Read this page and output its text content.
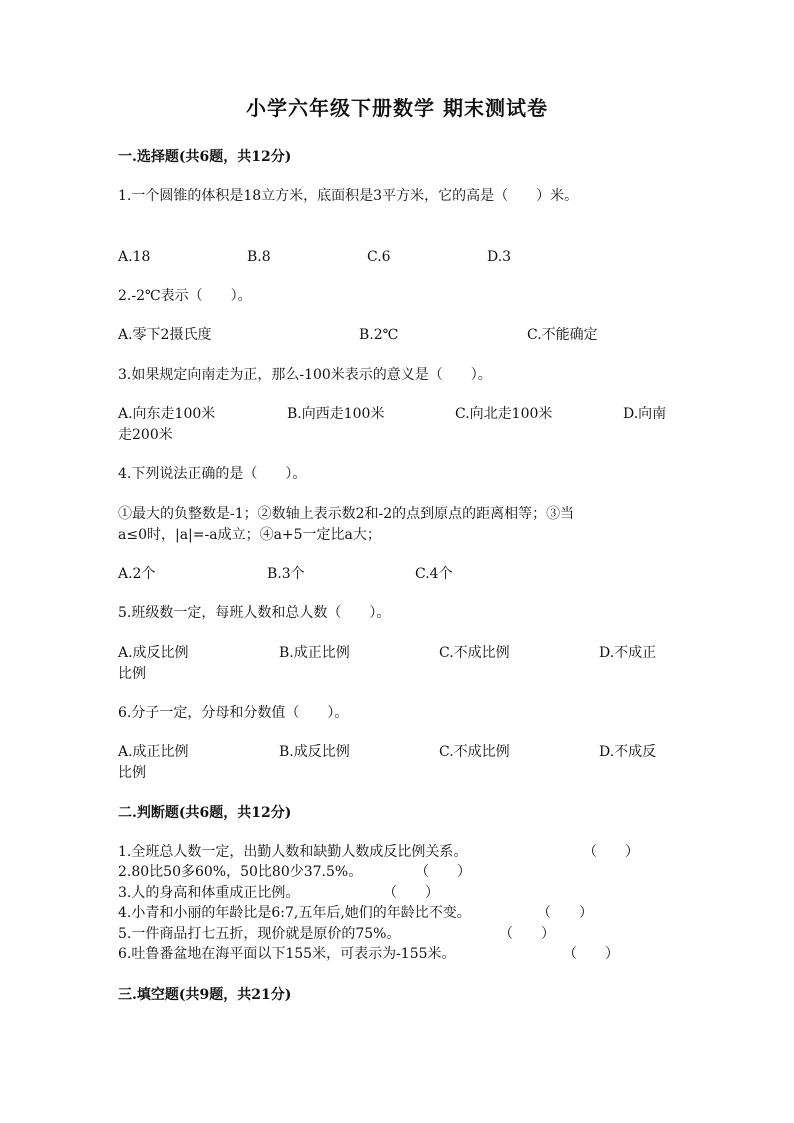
小学六年级下册数学 期末测试卷
一.选择题(共6题，共12分)
1.一个圆锥的体积是18立方米，底面积是3平方米，它的高是（　　）米。
A.18	B.8	C.6	D.3
2.-2℃表示（　　）。
A.零下2摄氏度	B.2℃	C.不能确定
3.如果规定向南走为正，那么-100米表示的意义是（　　）。
A.向东走100米	B.向西走100米	C.向北走100米	D.向南
走200米
4.下列说法正确的是（　　）。
①最大的负整数是-1；②数轴上表示数2和-2的点到原点的距离相等；③当
a≤0时，|a|=-a成立；④a+5一定比a大；
A.2个	B.3个	C.4个
5.班级数一定，每班人数和总人数（　　）。
A.成反比例	B.成正比例	C.不成比例	D.不成正
比例
6.分子一定，分母和分数值（　　）。
A.成正比例	B.成反比例	C.不成比例	D.不成反
比例
二.判断题(共6题，共12分)
1.全班总人数一定，出勤人数和缺勤人数成反比例关系。	（　　）
2.80比50多60%，50比80少37.5%。	（　　）
3.人的身高和体重成正比例。	（　　）
4.小青和小丽的年龄比是6:7,五年后,她们的年龄比不变。	（　　）
5.一件商品打七五折，现价就是原价的75%。	（　　）
6.吐鲁番盆地在海平面以下155米，可表示为-155米。	（　　）
三.填空题(共9题，共21分)
